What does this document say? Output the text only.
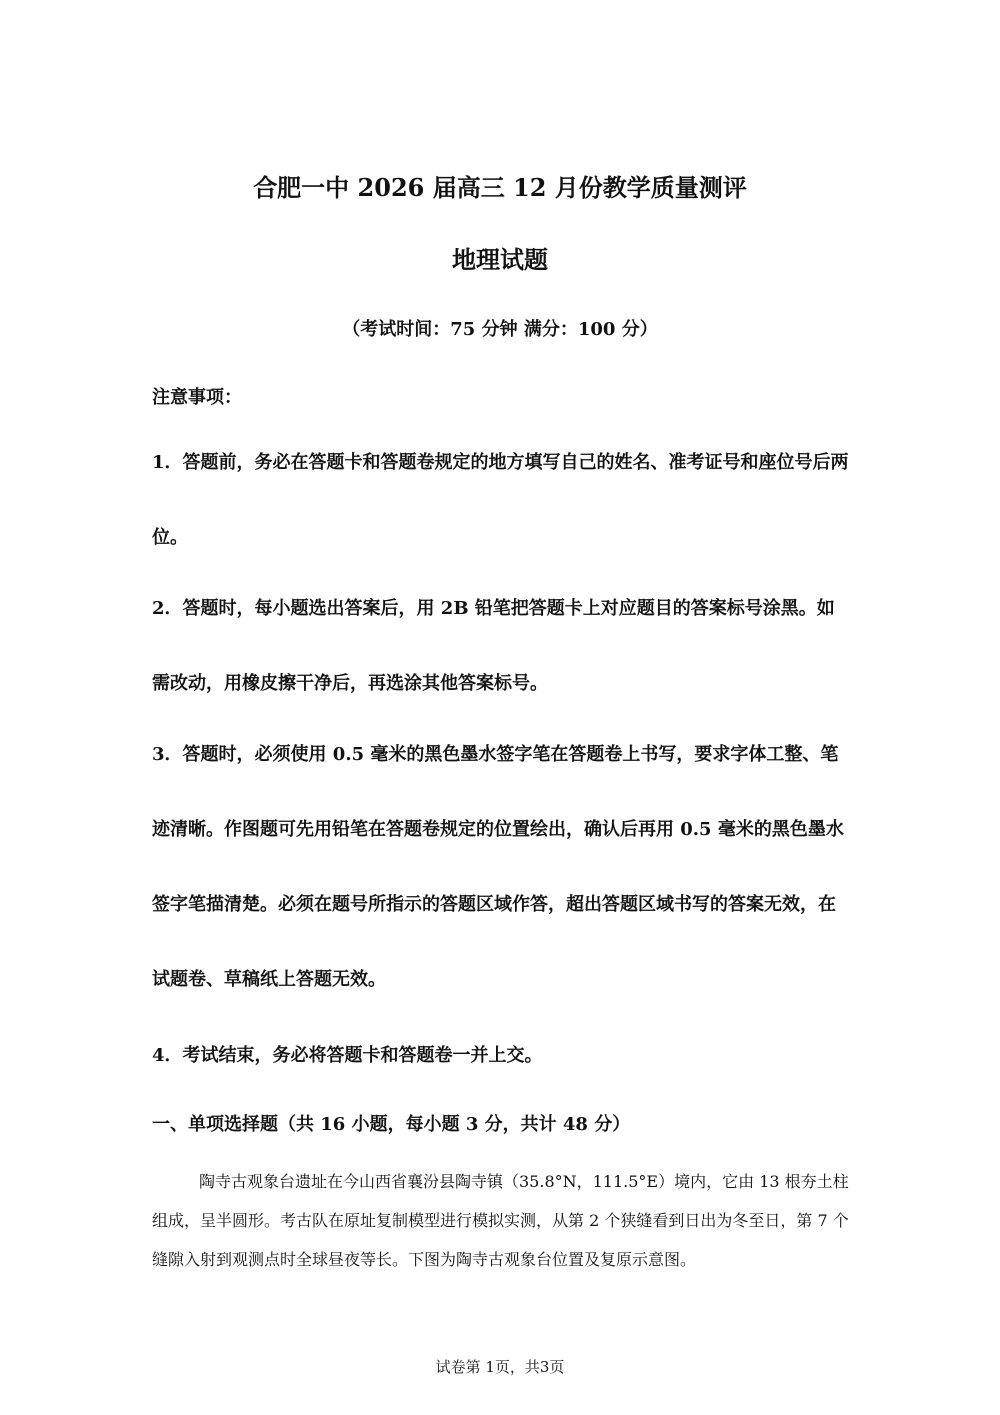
合肥一中 2026 届高三 12 月份教学质量测评
地理试题
（考试时间：75 分钟 满分：100 分）
注意事项：

1．答题前，务必在答题卡和答题卷规定的地方填写自己的姓名、准考证号和座位号后两位。

2．答题时，每小题选出答案后，用 2B 铅笔把答题卡上对应题目的答案标号涂黑。如需改动，用橡皮擦干净后，再选涂其他答案标号。

3．答题时，必须使用 0.5 毫米的黑色墨水签字笔在答题卷上书写，要求字体工整、笔迹清晰。作图题可先用铅笔在答题卷规定的位置绘出，确认后再用 0.5 毫米的黑色墨水签字笔描清楚。必须在题号所指示的答题区域作答，超出答题区域书写的答案无效，在试题卷、草稿纸上答题无效。

4．考试结束，务必将答题卡和答题卷一并上交。

一、单项选择题（共 16 小题，每小题 3 分，共计 48 分）

陶寺古观象台遗址在今山西省襄汾县陶寺镇（35.8°N，111.5°E）境内，它由 13 根夯土柱组成，呈半圆形。考古队在原址复制模型进行模拟实测，从第 2 个狭缝看到日出为冬至日，第 7 个缝隙入射到观测点时全球昼夜等长。下图为陶寺古观象台位置及复原示意图。

试卷第 1页，共3页
